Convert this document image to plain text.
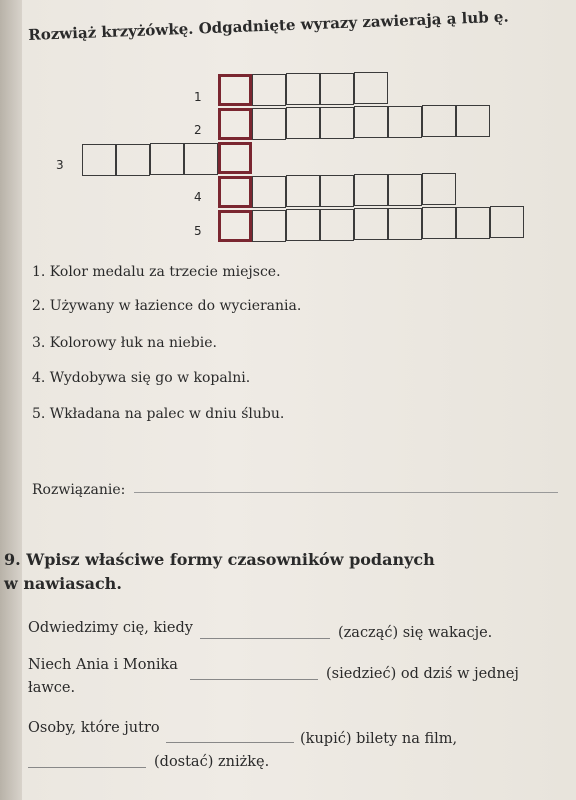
Rozwiąż krzyżówkę. Odgadnięte wyrazy zawierają ą lub ę.
1
2
3
4
5
1. Kolor medalu za trzecie miejsce.
2. Używany w łazience do wycierania.
3. Kolorowy łuk na niebie.
4. Wydobywa się go w kopalni.
5. Wkładana na palec w dniu ślubu.
Rozwiązanie:
9. Wpisz właściwe formy czasowników podanych
w nawiasach.
Odwiedzimy cię, kiedy	(zacząć) się wakacje.
Niech Ania i Monika
(siedzieć) od dziś w jednej
ławce.
Osoby, które jutro
(kupić) bilety na film,
(dostać) zniżkę.
